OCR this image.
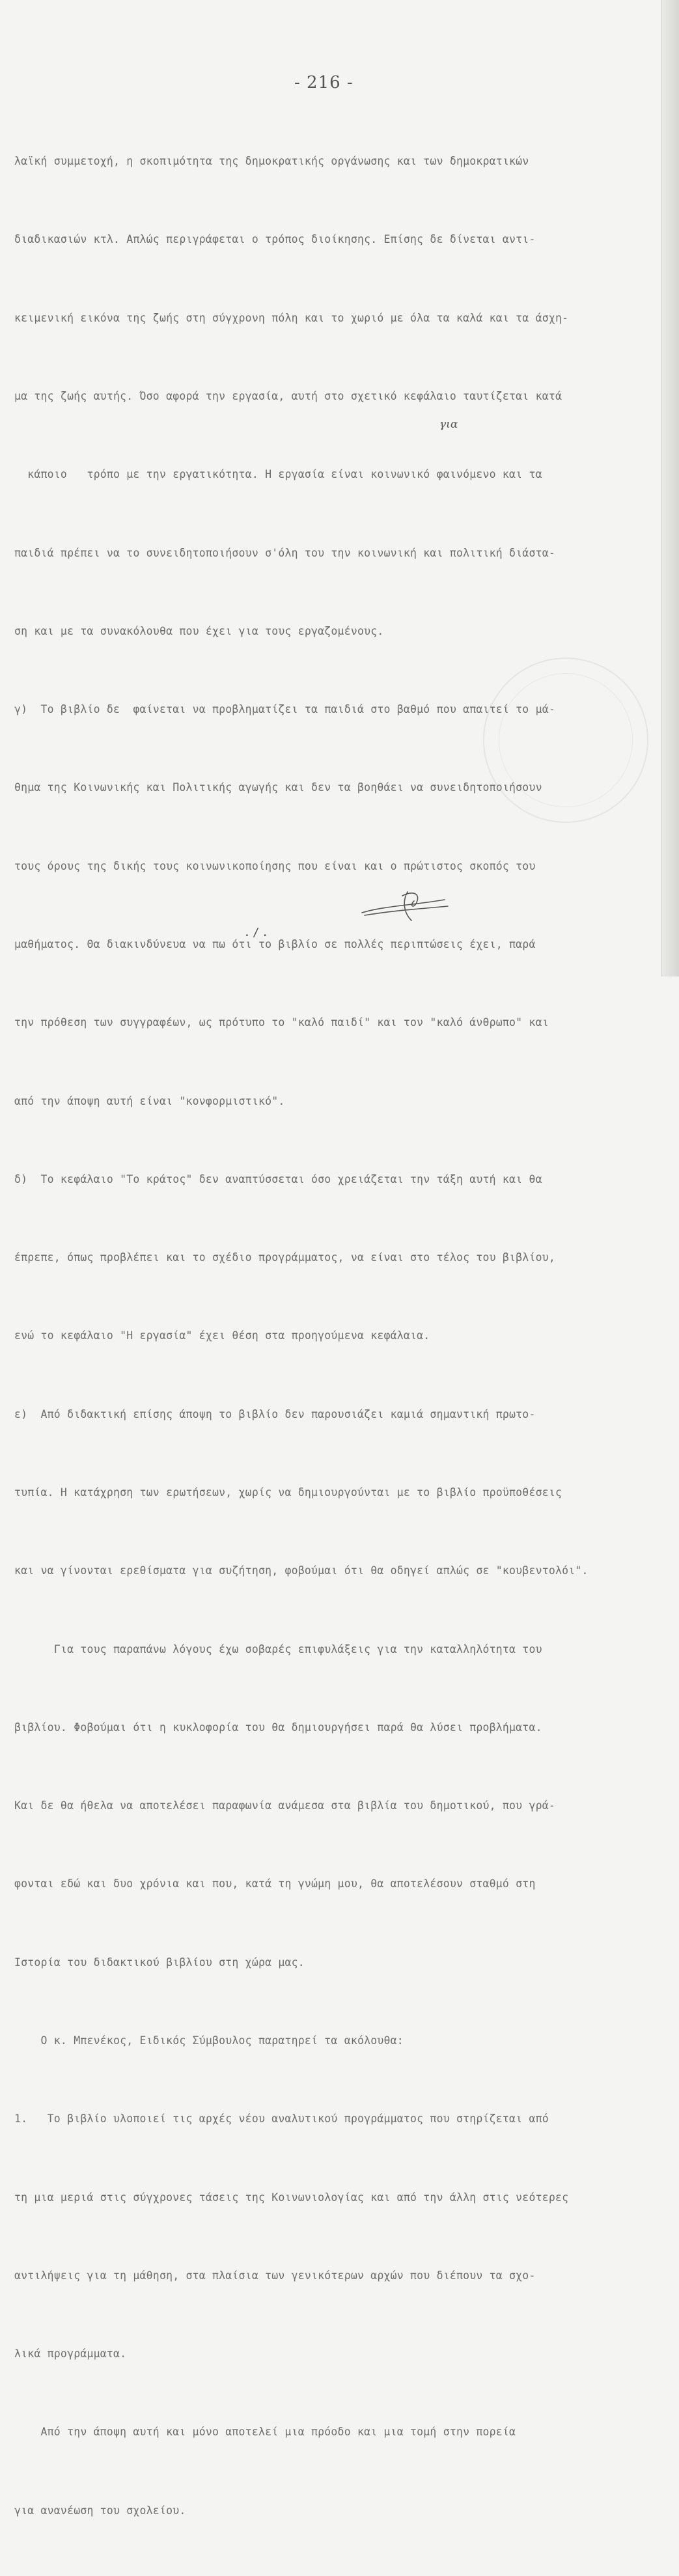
- 216 -

λαϊκή συμμετοχή, η σκοπιμότητα της δημοκρατικής οργάνωσης και των δημοκρατικών

διαδικασιών κτλ. Απλώς περιγράφεται ο τρόπος διοίκησης. Επίσης δε δίνεται αντι-

κειμενική εικόνα της ζωής στη σύγχρονη πόλη και το χωριό με όλα τα καλά και τα άσχη-

μα της ζωής αυτής. Όσο αφορά την εργασία, αυτή στο σχετικό κεφάλαιο ταυτίζεται κατά

κάποιο   τρόπο με την εργατικότητα. Η εργασία είναι κοινωνικό φαινόμενο και τα

παιδιά πρέπει να το συνειδητοποιήσουν σ'όλη του την κοινωνική και πολιτική διάστα-

ση και με τα συνακόλουθα που έχει για τους εργαζομένους.

γ)  Το βιβλίο δε  φαίνεται να προβληματίζει τα παιδιά στο βαθμό που απαιτεί το μά-

θημα της Κοινωνικής και Πολιτικής αγωγής και δεν τα βοηθάει να συνειδητοποιήσουν

τους όρους της δικής τους κοινωνικοποίησης που είναι και ο πρώτιστος σκοπός του

μαθήματος. Θα διακινδύνευα να πω ότι το βιβλίο σε πολλές περιπτώσεις έχει, παρά

την πρόθεση των συγγραφέων, ως πρότυπο το "καλό παιδί" και τον "καλό άνθρωπο" και

από την άποψη αυτή είναι "κονφορμιστικό".

δ)  Το κεφάλαιο "Το κράτος" δεν αναπτύσσεται όσο χρειάζεται την τάξη αυτή και θα

έπρεπε, όπως προβλέπει και το σχέδιο προγράμματος, να είναι στο τέλος του βιβλίου,

ενώ το κεφάλαιο "Η εργασία" έχει θέση στα προηγούμενα κεφάλαια.

ε)  Από διδακτική επίσης άποψη το βιβλίο δεν παρουσιάζει καμιά σημαντική πρωτο-

τυπία. Η κατάχρηση των ερωτήσεων, χωρίς να δημιουργούνται με το βιβλίο προϋποθέσεις

και να γίνονται ερεθίσματα για συζήτηση, φοβούμαι ότι θα οδηγεί απλώς σε "κουβεντολόι".

Για τους παραπάνω λόγους έχω σοβαρές επιφυλάξεις για την καταλληλότητα του

βιβλίου. Φοβούμαι ότι η κυκλοφορία του θα δημιουργήσει παρά θα λύσει προβλήματα.

Και δε θα ήθελα να αποτελέσει παραφωνία ανάμεσα στα βιβλία του δημοτικού, που γρά-

φονται εδώ και δυο χρόνια και που, κατά τη γνώμη μου, θα αποτελέσουν σταθμό στη

Ιστορία του διδακτικού βιβλίου στη χώρα μας.

Ο κ. Μπενέκος, Ειδικός Σύμβουλος παρατηρεί τα ακόλουθα:

1.   Το βιβλίο υλοποιεί τις αρχές νέου αναλυτικού προγράμματος που στηρίζεται από

τη μια μεριά στις σύγχρονες τάσεις της Κοινωνιολογίας και από την άλλη στις νεότερες

αντιλήψεις για τη μάθηση, στα πλαίσια των γενικότερων αρχών που διέπουν τα σχο-

λικά προγράμματα.

Από την άποψη αυτή και μόνο αποτελεί μια πρόοδο και μια τομή στην πορεία

για ανανέωση του σχολείου.

για
./.
